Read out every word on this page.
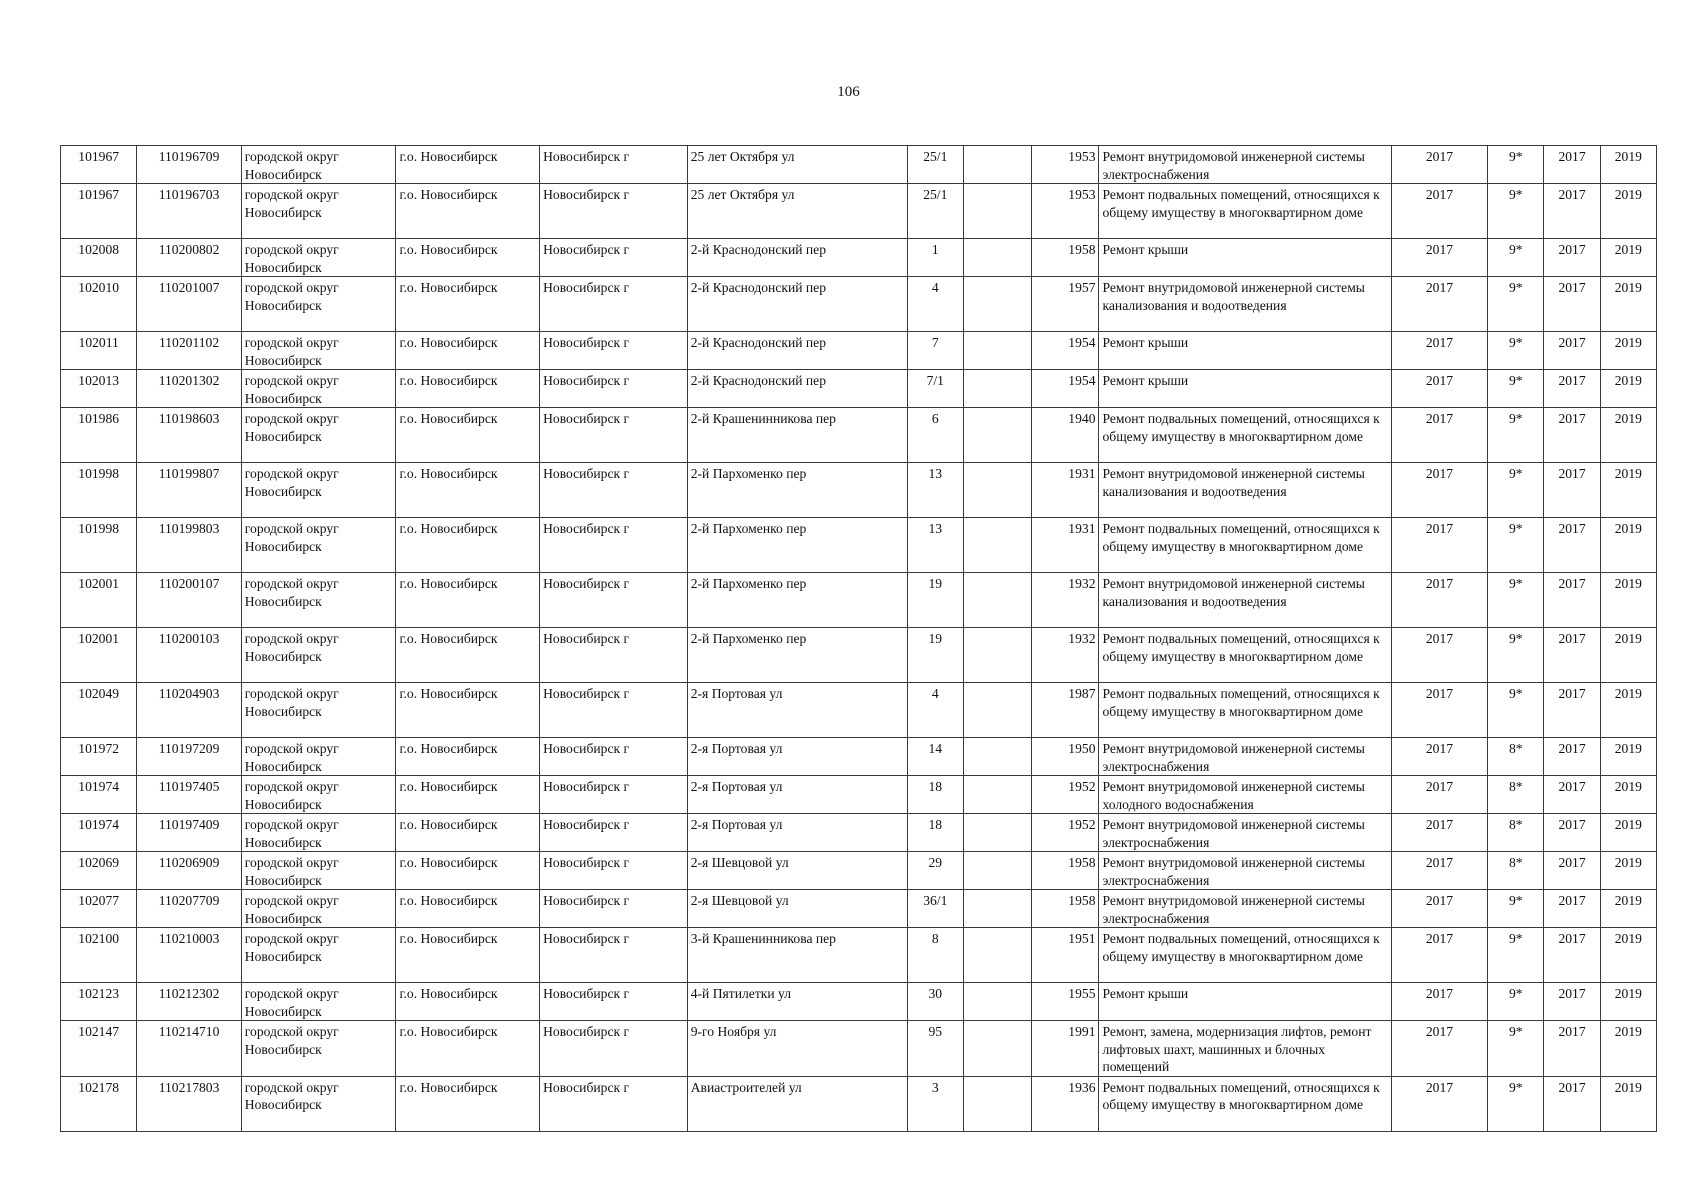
106
101967	110196709	городской округ Новосибирск	г.о. Новосибирск	Новосибирск г	25 лет Октября ул	25/1		1953	Ремонт внутридомовой инженерной системы электроснабжения	2017	9*	2017	2019
101967	110196703	городской округ Новосибирск	г.о. Новосибирск	Новосибирск г	25 лет Октября ул	25/1		1953	Ремонт подвальных помещений, относящихся к общему имуществу в многоквартирном доме	2017	9*	2017	2019
102008	110200802	городской округ Новосибирск	г.о. Новосибирск	Новосибирск г	2-й Краснодонский пер	1		1958	Ремонт крыши	2017	9*	2017	2019
102010	110201007	городской округ Новосибирск	г.о. Новосибирск	Новосибирск г	2-й Краснодонский пер	4		1957	Ремонт внутридомовой инженерной системы канализования и водоотведения	2017	9*	2017	2019
102011	110201102	городской округ Новосибирск	г.о. Новосибирск	Новосибирск г	2-й Краснодонский пер	7		1954	Ремонт крыши	2017	9*	2017	2019
102013	110201302	городской округ Новосибирск	г.о. Новосибирск	Новосибирск г	2-й Краснодонский пер	7/1		1954	Ремонт крыши	2017	9*	2017	2019
101986	110198603	городской округ Новосибирск	г.о. Новосибирск	Новосибирск г	2-й Крашенинникова пер	6		1940	Ремонт подвальных помещений, относящихся к общему имуществу в многоквартирном доме	2017	9*	2017	2019
101998	110199807	городской округ Новосибирск	г.о. Новосибирск	Новосибирск г	2-й Пархоменко пер	13		1931	Ремонт внутридомовой инженерной системы канализования и водоотведения	2017	9*	2017	2019
101998	110199803	городской округ Новосибирск	г.о. Новосибирск	Новосибирск г	2-й Пархоменко пер	13		1931	Ремонт подвальных помещений, относящихся к общему имуществу в многоквартирном доме	2017	9*	2017	2019
102001	110200107	городской округ Новосибирск	г.о. Новосибирск	Новосибирск г	2-й Пархоменко пер	19		1932	Ремонт внутридомовой инженерной системы канализования и водоотведения	2017	9*	2017	2019
102001	110200103	городской округ Новосибирск	г.о. Новосибирск	Новосибирск г	2-й Пархоменко пер	19		1932	Ремонт подвальных помещений, относящихся к общему имуществу в многоквартирном доме	2017	9*	2017	2019
102049	110204903	городской округ Новосибирск	г.о. Новосибирск	Новосибирск г	2-я Портовая ул	4		1987	Ремонт подвальных помещений, относящихся к общему имуществу в многоквартирном доме	2017	9*	2017	2019
101972	110197209	городской округ Новосибирск	г.о. Новосибирск	Новосибирск г	2-я Портовая ул	14		1950	Ремонт внутридомовой инженерной системы электроснабжения	2017	8*	2017	2019
101974	110197405	городской округ Новосибирск	г.о. Новосибирск	Новосибирск г	2-я Портовая ул	18		1952	Ремонт внутридомовой инженерной системы холодного водоснабжения	2017	8*	2017	2019
101974	110197409	городской округ Новосибирск	г.о. Новосибирск	Новосибирск г	2-я Портовая ул	18		1952	Ремонт внутридомовой инженерной системы электроснабжения	2017	8*	2017	2019
102069	110206909	городской округ Новосибирск	г.о. Новосибирск	Новосибирск г	2-я Шевцовой ул	29		1958	Ремонт внутридомовой инженерной системы электроснабжения	2017	8*	2017	2019
102077	110207709	городской округ Новосибирск	г.о. Новосибирск	Новосибирск г	2-я Шевцовой ул	36/1		1958	Ремонт внутридомовой инженерной системы электроснабжения	2017	9*	2017	2019
102100	110210003	городской округ Новосибирск	г.о. Новосибирск	Новосибирск г	3-й Крашенинникова пер	8		1951	Ремонт подвальных помещений, относящихся к общему имуществу в многоквартирном доме	2017	9*	2017	2019
102123	110212302	городской округ Новосибирск	г.о. Новосибирск	Новосибирск г	4-й Пятилетки ул	30		1955	Ремонт крыши	2017	9*	2017	2019
102147	110214710	городской округ Новосибирск	г.о. Новосибирск	Новосибирск г	9-го Ноября ул	95		1991	Ремонт, замена, модернизация лифтов, ремонт лифтовых шахт, машинных и блочных помещений	2017	9*	2017	2019
102178	110217803	городской округ Новосибирск	г.о. Новосибирск	Новосибирск г	Авиастроителей ул	3		1936	Ремонт подвальных помещений, относящихся к общему имуществу в многоквартирном доме	2017	9*	2017	2019
